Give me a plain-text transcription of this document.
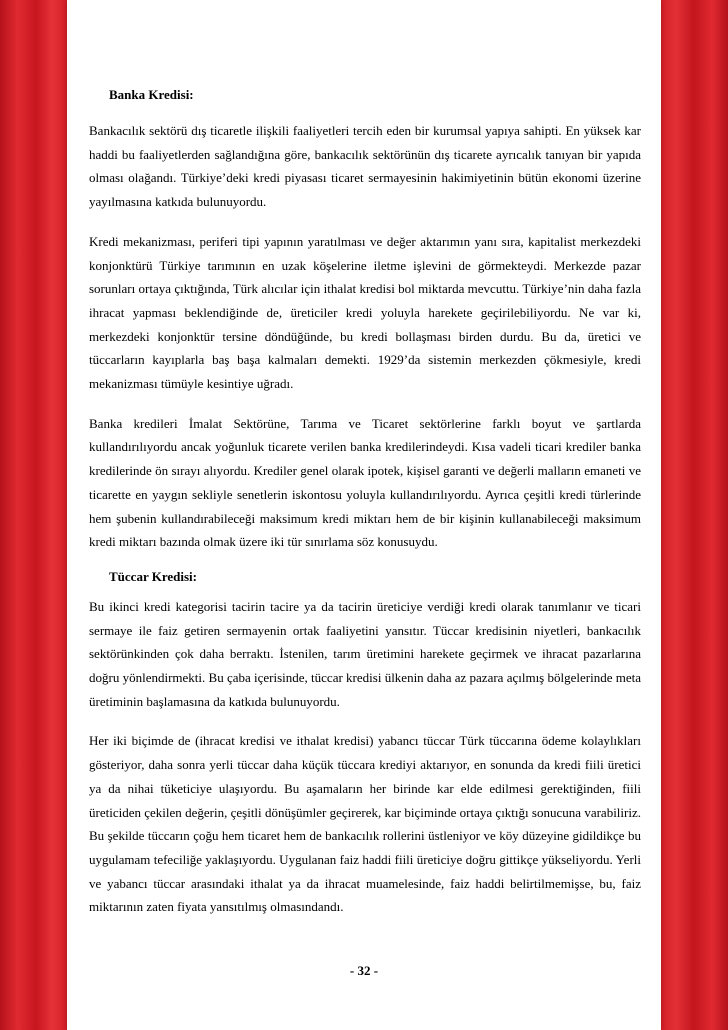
Banka Kredisi:

Bankacılık sektörü dış ticaretle ilişkili faaliyetleri tercih eden bir kurumsal yapıya sahipti. En yüksek kar haddi bu faaliyetlerden sağlandığına göre, bankacılık sektörünün dış ticarete ayrıcalık tanıyan bir yapıda olması olağandı. Türkiye’deki kredi piyasası ticaret sermayesinin hakimiyetinin bütün ekonomi üzerine yayılmasına katkıda bulunuyordu.

Kredi mekanizması, periferi tipi yapının yaratılması ve değer aktarımın yanı sıra, kapitalist merkezdeki konjonktürü Türkiye tarımının en uzak köşelerine iletme işlevini de görmekteydi. Merkezde pazar sorunları ortaya çıktığında, Türk alıcılar için ithalat kredisi bol miktarda mevcuttu. Türkiye’nin daha fazla ihracat yapması beklendiğinde de, üreticiler kredi yoluyla harekete geçirilebiliyordu. Ne var ki, merkezdeki konjonktür tersine döndüğünde, bu kredi bollaşması birden durdu. Bu da, üretici ve tüccarların kayıplarla baş başa kalmaları demekti. 1929’da sistemin merkezden çökmesiyle, kredi mekanizması tümüyle kesintiye uğradı.

Banka kredileri İmalat Sektörüne, Tarıma ve Ticaret sektörlerine farklı boyut ve şartlarda kullandırılıyordu ancak yoğunluk ticarete verilen banka kredilerindeydi. Kısa vadeli ticari krediler banka kredilerinde ön sırayı alıyordu. Krediler genel olarak ipotek, kişisel garanti ve değerli malların emaneti ve ticarette en yaygın sekliyle senetlerin iskontosu yoluyla kullandırılıyordu. Ayrıca çeşitli kredi türlerinde hem şubenin kullandırabileceği maksimum kredi miktarı hem de bir kişinin kullanabileceği maksimum kredi miktarı bazında olmak üzere iki tür sınırlama söz konusuydu.

Tüccar Kredisi:

Bu ikinci kredi kategorisi tacirin tacire ya da tacirin üreticiye verdiği kredi olarak tanımlanır ve ticari sermaye ile faiz getiren sermayenin ortak faaliyetini yansıtır. Tüccar kredisinin niyetleri, bankacılık sektörünkinden çok daha berraktı. İstenilen, tarım üretimini harekete geçirmek ve ihracat pazarlarına doğru yönlendirmekti. Bu çaba içerisinde, tüccar kredisi ülkenin daha az pazara açılmış bölgelerinde meta üretiminin başlamasına da katkıda bulunuyordu.

Her iki biçimde de (ihracat kredisi ve ithalat kredisi) yabancı tüccar Türk tüccarına ödeme kolaylıkları gösteriyor, daha sonra yerli tüccar daha küçük tüccara krediyi aktarıyor, en sonunda da kredi fiili üretici ya da nihai tüketiciye ulaşıyordu. Bu aşamaların her birinde kar elde edilmesi gerektiğinden, fiili üreticiden çekilen değerin, çeşitli dönüşümler geçirerek, kar biçiminde ortaya çıktığı sonucuna varabiliriz. Bu şekilde tüccarın çoğu hem ticaret hem de bankacılık rollerini üstleniyor ve köy düzeyine gidildikçe bu uygulamam tefeciliğe yaklaşıyordu. Uygulanan faiz haddi fiili üreticiye doğru gittikçe yükseliyordu. Yerli ve yabancı tüccar arasındaki ithalat ya da ihracat muamelesinde, faiz haddi belirtilmemişse, bu, faiz miktarının zaten fiyata yansıtılmış olmasındandı.

- 32 -
